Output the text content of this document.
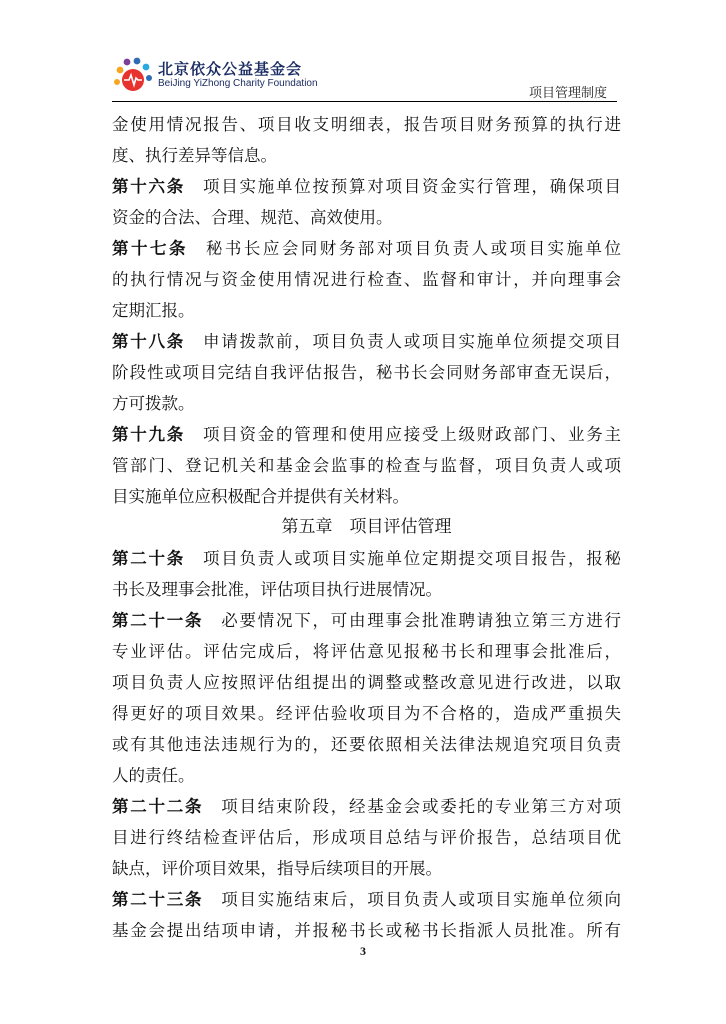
北京依众公益基金会
BeiJing YiZhong Charity Foundation
项目管理制度
金使用情况报告、项目收支明细表，报告项目财务预算的执行进
度、执行差异等信息。
第十六条 项目实施单位按预算对项目资金实行管理，确保项目
资金的合法、合理、规范、高效使用。
第十七条 秘书长应会同财务部对项目负责人或项目实施单位
的执行情况与资金使用情况进行检查、监督和审计，并向理事会
定期汇报。
第十八条 申请拨款前，项目负责人或项目实施单位须提交项目
阶段性或项目完结自我评估报告，秘书长会同财务部审查无误后，
方可拨款。
第十九条 项目资金的管理和使用应接受上级财政部门、业务主
管部门、登记机关和基金会监事的检查与监督，项目负责人或项
目实施单位应积极配合并提供有关材料。
第五章　项目评估管理
第二十条 项目负责人或项目实施单位定期提交项目报告，报秘
书长及理事会批准，评估项目执行进展情况。
第二十一条 必要情况下，可由理事会批准聘请独立第三方进行
专业评估。评估完成后，将评估意见报秘书长和理事会批准后，
项目负责人应按照评估组提出的调整或整改意见进行改进，以取
得更好的项目效果。经评估验收项目为不合格的，造成严重损失
或有其他违法违规行为的，还要依照相关法律法规追究项目负责
人的责任。
第二十二条 项目结束阶段，经基金会或委托的专业第三方对项
目进行终结检查评估后，形成项目总结与评价报告，总结项目优
缺点，评价项目效果，指导后续项目的开展。
第二十三条 项目实施结束后，项目负责人或项目实施单位须向
基金会提出结项申请，并报秘书长或秘书长指派人员批准。所有
3
